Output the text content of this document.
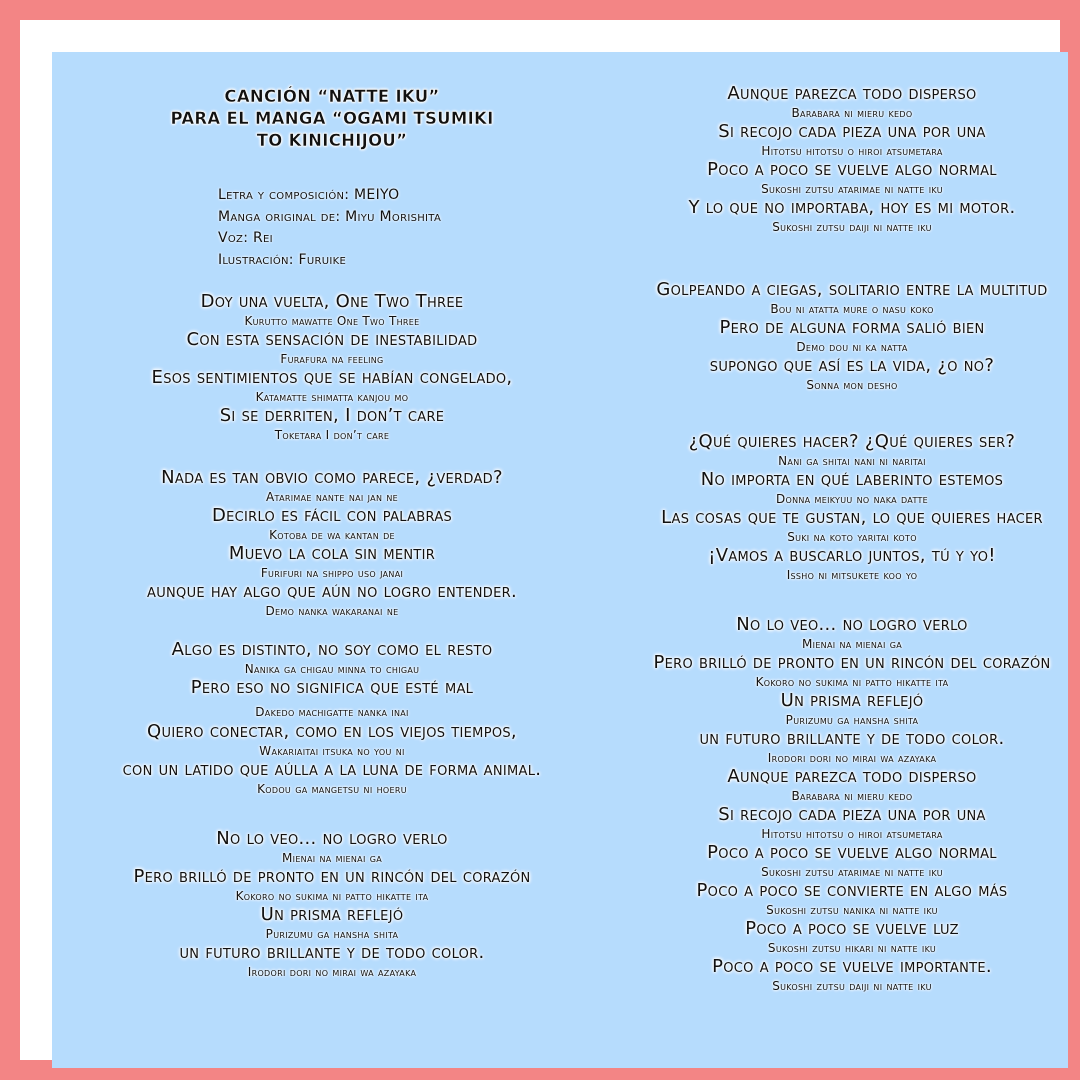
CANCIÓN “NATTE IKU”
PARA EL MANGA “OGAMI TSUMIKI
TO KINICHIJOU”
Letra y composición: MEIYO
Manga original de: Miyu Morishita
Voz: Rei
Ilustración: Furuike
Doy una vuelta, One Two Three
Kurutto mawatte One Two Three
Con esta sensación de inestabilidad
Furafura na feeling
Esos sentimientos que se habían congelado,
Katamatte shimatta kanjou mo
Si se derriten, I don’t care
Toketara I don’t care
Nada es tan obvio como parece, ¿verdad?
Atarimae nante nai jan ne
Decirlo es fácil con palabras
Kotoba de wa kantan de
Muevo la cola sin mentir
Furifuri na shippo uso janai
aunque hay algo que aún no logro entender.
Demo nanka wakaranai ne
Algo es distinto, no soy como el resto
Nanika ga chigau minna to chigau
Pero eso no significa que esté mal
Dakedo machigatte nanka inai
Quiero conectar, como en los viejos tiempos,
Wakariaitai itsuka no you ni
con un latido que aúlla a la luna de forma animal.
Kodou ga mangetsu ni hoeru
No lo veo... no logro verlo
Mienai na mienai ga
Pero brilló de pronto en un rincón del corazón
Kokoro no sukima ni patto hikatte ita
Un prisma reflejó
Purizumu ga hansha shita
un futuro brillante y de todo color.
Irodori dori no mirai wa azayaka
Aunque parezca todo disperso
Barabara ni mieru kedo
Si recojo cada pieza una por una
Hitotsu hitotsu o hiroi atsumetara
Poco a poco se vuelve algo normal
Sukoshi zutsu atarimae ni natte iku
Y lo que no importaba, hoy es mi motor.
Sukoshi zutsu daiji ni natte iku
Golpeando a ciegas, solitario entre la multitud
Bou ni atatta mure o nasu koko
Pero de alguna forma salió bien
Demo dou ni ka natta
supongo que así es la vida, ¿o no?
Sonna mon desho
¿Qué quieres hacer? ¿Qué quieres ser?
Nani ga shitai nani ni naritai
No importa en qué laberinto estemos
Donna meikyuu no naka datte
Las cosas que te gustan, lo que quieres hacer
Suki na koto yaritai koto
¡Vamos a buscarlo juntos, tú y yo!
Issho ni mitsukete koo yo
No lo veo... no logro verlo
Mienai na mienai ga
Pero brilló de pronto en un rincón del corazón
Kokoro no sukima ni patto hikatte ita
Un prisma reflejó
Purizumu ga hansha shita
un futuro brillante y de todo color.
Irodori dori no mirai wa azayaka
Aunque parezca todo disperso
Barabara ni mieru kedo
Si recojo cada pieza una por una
Hitotsu hitotsu o hiroi atsumetara
Poco a poco se vuelve algo normal
Sukoshi zutsu atarimae ni natte iku
Poco a poco se convierte en algo más
Sukoshi zutsu nanika ni natte iku
Poco a poco se vuelve luz
Sukoshi zutsu hikari ni natte iku
Poco a poco se vuelve importante.
Sukoshi zutsu daiji ni natte iku
